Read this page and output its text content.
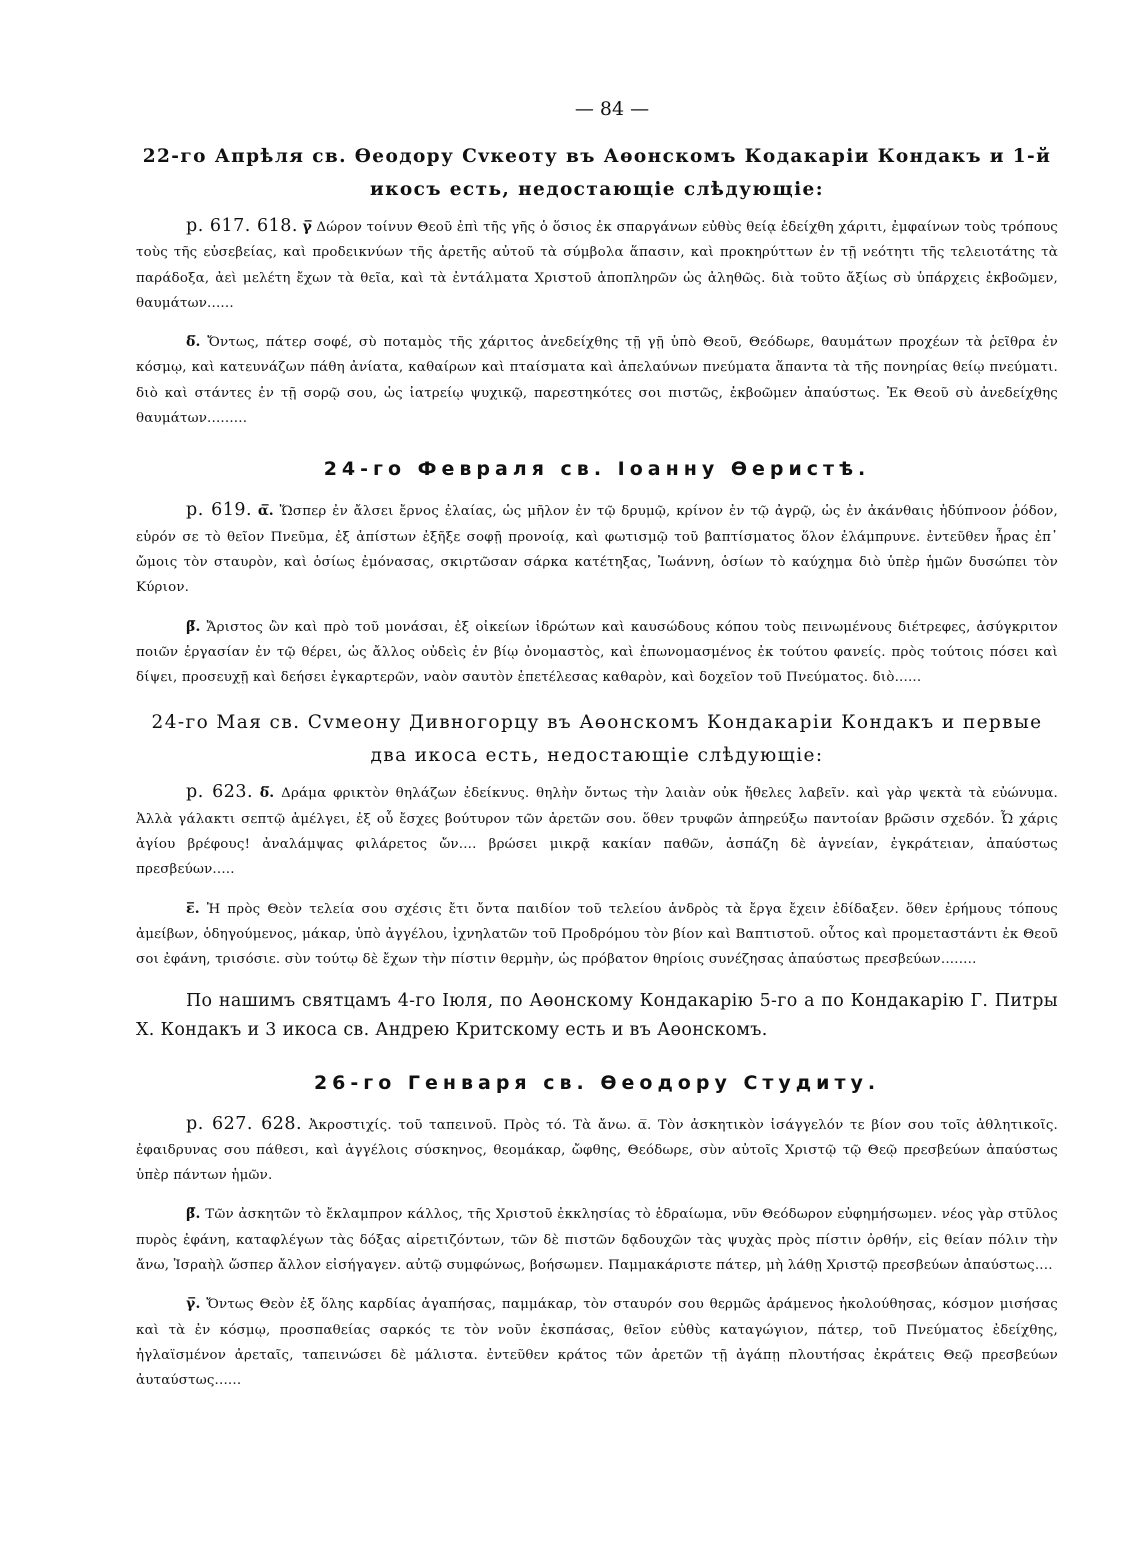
— 84 —
22-го Апрѣля св. Өеодору Сvкеоту въ Аөонскомъ Кодакаріи Кондакъ и 1-й икосъ есть, недостающіе слѣдующіе:

р. 617. 618. γ̅ Δώρον τοίνυν Θεοῦ ἐπὶ τῆς γῆς ὁ ὅσιος ἐκ σπαργάνων εὐθὺς θείᾳ ἐδείχθη χάριτι, ἐμφαίνων τοὺς τρόπους τοὺς τῆς εὐσεβείας, καὶ προδεικνύων τῆς ἀρετῆς αὐτοῦ τὰ σύμβολα ἅπασιν, καὶ προκηρύττων ἐν τῇ νεότητι τῆς τελειοτάτης τὰ παράδοξα, ἀεὶ μελέτη ἔχων τὰ θεῖα, καὶ τὰ ἐντάλματα Χριστοῦ ἀποπληρῶν ὡς ἀληθῶς. διὰ τοῦτο ἄξίως σὺ ὑπάρχεις ἐκβοῶμεν, θαυμάτων......

δ̅. Ὄντως, πάτερ σοφέ, σὺ ποταμὸς τῆς χάριτος ἀνεδείχθης τῇ γῇ ὑπὸ Θεοῦ, Θεόδωρε, θαυμάτων προχέων τὰ ῥεῖθρα ἐν κόσμῳ, καὶ κατευνάζων πάθη ἀνίατα, καθαίρων καὶ πταίσματα καὶ ἀπελαύνων πνεύματα ἅπαντα τὰ τῆς πονηρίας θείῳ πνεύματι. διὸ καὶ στάντες ἐν τῇ σορῷ σου, ὡς ἰατρείῳ ψυχικῷ, παρεστηκότες σοι πιστῶς, ἐκβοῶμεν ἀπαύστως. Ἐκ Θεοῦ σὺ ἀνεδείχθης θαυμάτων.........

24-го Февраля св. Іоанну Өеристѣ.

р. 619. α̅. Ὥσπερ ἐν ἄλσει ἔρνος ἐλαίας, ὡς μῆλον ἐν τῷ δρυμῷ, κρίνον ἐν τῷ ἀγρῷ, ὡς ἐν ἀκάνθαις ἡδύπνοον ῥόδον, εὑρόν σε τὸ θεῖον Πνεῦμα, ἐξ ἀπίστων ἐξῆξε σοφῇ προνοίᾳ, καὶ φωτισμῷ τοῦ βαπτίσματος ὅλον ἐλάμπρυνε. ἐντεῦθεν ἦρας ἐπ᾽ ὤμοις τὸν σταυρὸν, καὶ ὁσίως ἐμόνασας, σκιρτῶσαν σάρκα κατέτηξας, Ἰωάννη, ὁσίων τὸ καύχημα διὸ ὑπὲρ ἡμῶν δυσώπει τὸν Κύριον.

β̅. Ἄριστος ὢν καὶ πρὸ τοῦ μονάσαι, ἐξ οἰκείων ἱδρώτων καὶ καυσώδους κόπου τοὺς πεινωμένους διέτρεφες, ἀσύγκριτον ποιῶν ἐργασίαν ἐν τῷ θέρει, ὡς ἄλλος οὐδεὶς ἐν βίῳ ὀνομαστὸς, καὶ ἐπωνομασμένος ἐκ τούτου φανείς. πρὸς τούτοις πόσει καὶ δίψει, προσευχῇ καὶ δεήσει ἐγκαρτερῶν, ναὸν σαυτὸν ἐπετέλεσας καθαρὸν, καὶ δοχεῖον τοῦ Πνεύματος. διὸ......

24-го Мая св. Сvмеону Дивногорцу въ Аөонскомъ Кондакаріи Кондакъ и первые два икоса есть, недостающіе слѣдующіе:

р. 623. δ̅. Δράμα φρικτὸν θηλάζων ἐδείκνυς. θηλὴν ὄντως τὴν λαιὰν οὐκ ἤθελες λαβεῖν. καὶ γὰρ ψεκτὰ τὰ εὐώνυμα. Ἀλλὰ γάλακτι σεπτῷ ἀμέλγει, ἐξ οὗ ἔσχες βούτυρον τῶν ἀρετῶν σου. ὅθεν τρυφῶν ἀπηρεύξω παντοίαν βρῶσιν σχεδόν. Ὦ χάρις ἁγίου βρέφους! ἀναλάμψας φιλάρετος ὤν.... βρώσει μικρᾷ κακίαν παθῶν, ἀσπάζη δὲ ἁγνείαν, ἐγκράτειαν, ἀπαύστως πρεσβεύων.....

ε̅. Ἡ πρὸς Θεὸν τελεία σου σχέσις ἔτι ὄντα παιδίον τοῦ τελείου ἀνδρὸς τὰ ἔργα ἔχειν ἐδίδαξεν. ὅθεν ἐρήμους τόπους ἀμείβων, ὁδηγούμενος, μάκαρ, ὑπὸ ἀγγέλου, ἰχνηλατῶν τοῦ Προδρόμου τὸν βίον καὶ Βαπτιστοῦ. οὗτος καὶ προμεταστάντι ἐκ Θεοῦ σοι ἐφάνη, τρισόσιε. σὺν τούτῳ δὲ ἔχων τὴν πίστιν θερμὴν, ὡς πρόβατον θηρίοις συνέζησας ἀπαύστως πρεσβεύων........

По нашимъ святцамъ 4-го Іюля, по Аөонскому Кондакарію 5-го а по Кондакарію Г. Питры Х. Кондакъ и 3 икоса св. Андрею Критскому есть и въ Аөонскомъ.

26-го Генваря св. Өеодору Студиту.

р. 627. 628. Ἀκροστιχίς. τοῦ ταπεινοῦ. Πρὸς τό. Τὰ ἄνω. α̅. Τὸν ἀσκητικὸν ἰσάγγελόν τε βίον σου τοῖς ἀθλητικοῖς. ἐφαιδρυνας σου πάθεσι, καὶ ἀγγέλοις σύσκηνος, θεομάκαρ, ὤφθης, Θεόδωρε, σὺν αὐτοῖς Χριστῷ τῷ Θεῷ πρεσβεύων ἀπαύστως ὑπὲρ πάντων ἡμῶν.

β̅. Τῶν ἀσκητῶν τὸ ἔκλαμπρον κάλλος, τῆς Χριστοῦ ἐκκλησίας τὸ ἑδραίωμα, νῦν Θεόδωρον εὐφημήσωμεν. νέος γὰρ στῦλος πυρὸς ἐφάνη, καταφλέγων τὰς δόξας αἱρετιζόντων, τῶν δὲ πιστῶν δᾳδουχῶν τὰς ψυχὰς πρὸς πίστιν ὀρθήν, εἰς θείαν πόλιν τὴν ἄνω, Ἰσραὴλ ὥσπερ ἄλλον εἰσήγαγεν. αὐτῷ συμφώνως, βοήσωμεν. Παμμακάριστε πάτερ, μὴ λάθῃ Χριστῷ πρεσβεύων ἀπαύστως....

γ̅. Ὄντως Θεὸν ἐξ ὅλης καρδίας ἀγαπήσας, παμμάκαρ, τὸν σταυρόν σου θερμῶς ἀράμενος ἠκολούθησας, κόσμον μισήσας καὶ τὰ ἐν κόσμῳ, προσπαθείας σαρκός τε τὸν νοῦν ἐκσπάσας, θεῖον εὐθὺς καταγώγιον, πάτερ, τοῦ Πνεύματος ἐδείχθης, ἠγλαϊσμένον ἀρεταῖς, ταπεινώσει δὲ μάλιστα. ἐντεῦθεν κράτος τῶν ἀρετῶν τῇ ἀγάπῃ πλουτήσας ἐκράτεις Θεῷ πρεσβεύων ἀυταύστως......
